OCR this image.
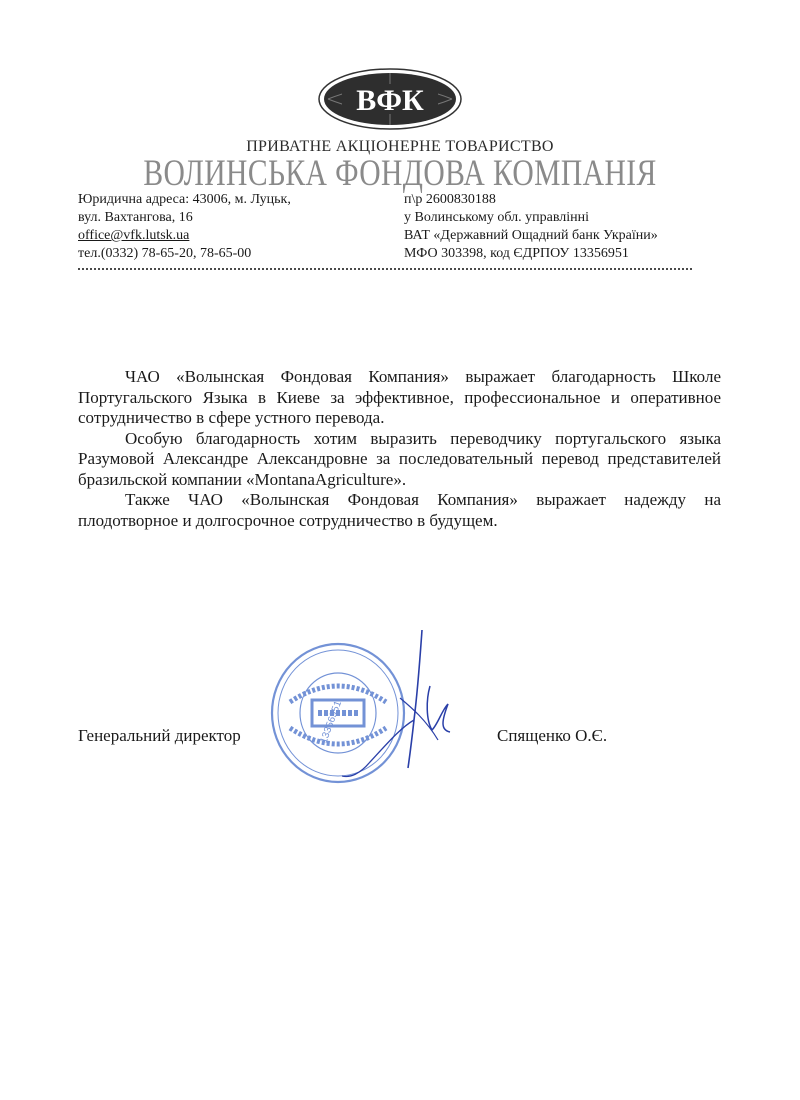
ВФК
ПРИВАТНЕ АКЦІОНЕРНЕ ТОВАРИСТВО
ВОЛИНСЬКА ФОНДОВА КОМПАНІЯ
Юридична адреса: 43006, м. Луцьк,
вул. Вахтангова, 16
office@vfk.lutsk.ua
тел.(0332) 78-65-20, 78-65-00
п\р 2600830188
у Волинському обл. управлінні
ВАТ «Державний Ощадний банк України»
МФО 303398, код ЄДРПОУ 13356951

ЧАО «Волынская Фондовая Компания» выражает благодарность Школе Португальского Языка в Киеве за эффективное, профессиональное и оперативное сотрудничество в сфере устного перевода.

Особую благодарность хотим выразить переводчику португальского языка Разумовой Александре Александровне за последовательный перевод представителей бразильской компании «MontanaAgriculture».

Также ЧАО «Волынская Фондовая Компания» выражает надежду на плодотворное и долгосрочное сотрудничество в будущем.

Генеральний директор	Спященко О.Є.
13356951
